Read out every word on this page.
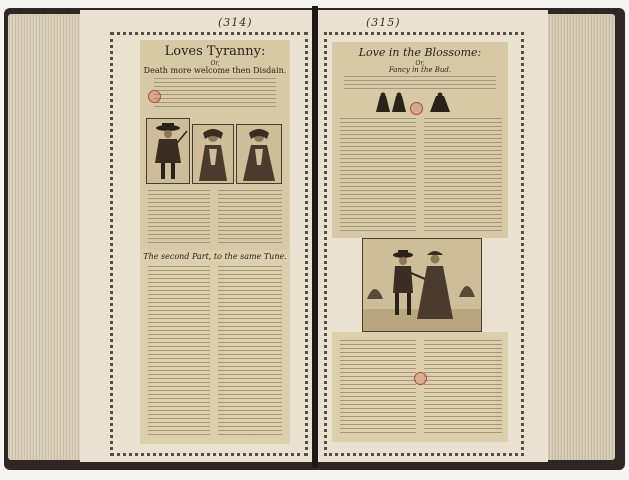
(314)
Loves Tyranny:
Or,
Death more welcome then Disdain.
The second Part, to the same Tune.
(315)
Love in the Blossome:
Or,
Fancy in the Bud.
